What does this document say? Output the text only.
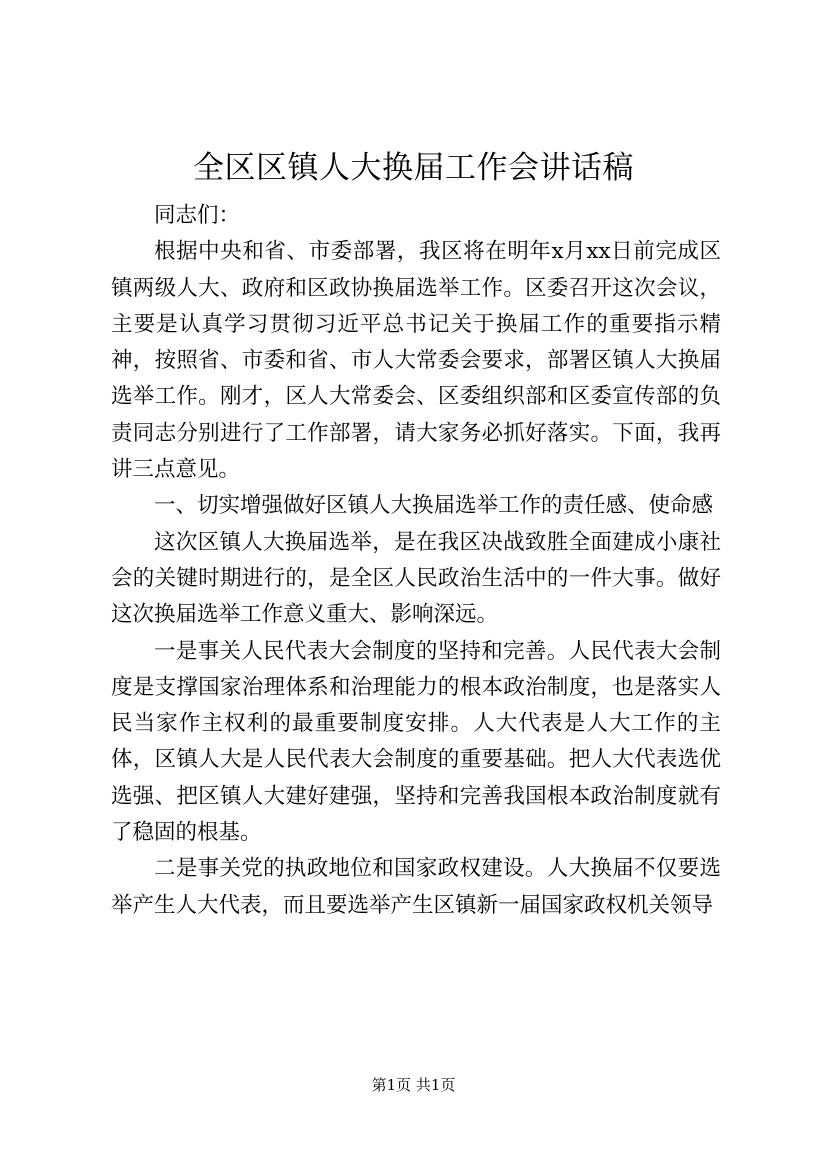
全区区镇人大换届工作会讲话稿

同志们：

根据中央和省、市委部署，我区将在明年x月xx日前完成区镇两级人大、政府和区政协换届选举工作。区委召开这次会议，主要是认真学习贯彻习近平总书记关于换届工作的重要指示精神，按照省、市委和省、市人大常委会要求，部署区镇人大换届选举工作。刚才，区人大常委会、区委组织部和区委宣传部的负责同志分别进行了工作部署，请大家务必抓好落实。下面，我再讲三点意见。

一、切实增强做好区镇人大换届选举工作的责任感、使命感

这次区镇人大换届选举，是在我区决战致胜全面建成小康社会的关键时期进行的，是全区人民政治生活中的一件大事。做好这次换届选举工作意义重大、影响深远。

一是事关人民代表大会制度的坚持和完善。人民代表大会制度是支撑国家治理体系和治理能力的根本政治制度，也是落实人民当家作主权利的最重要制度安排。人大代表是人大工作的主体，区镇人大是人民代表大会制度的重要基础。把人大代表选优选强、把区镇人大建好建强，坚持和完善我国根本政治制度就有了稳固的根基。

二是事关党的执政地位和国家政权建设。人大换届不仅要选举产生人大代表，而且要选举产生区镇新一届国家政权机关领导

第1页 共1页
